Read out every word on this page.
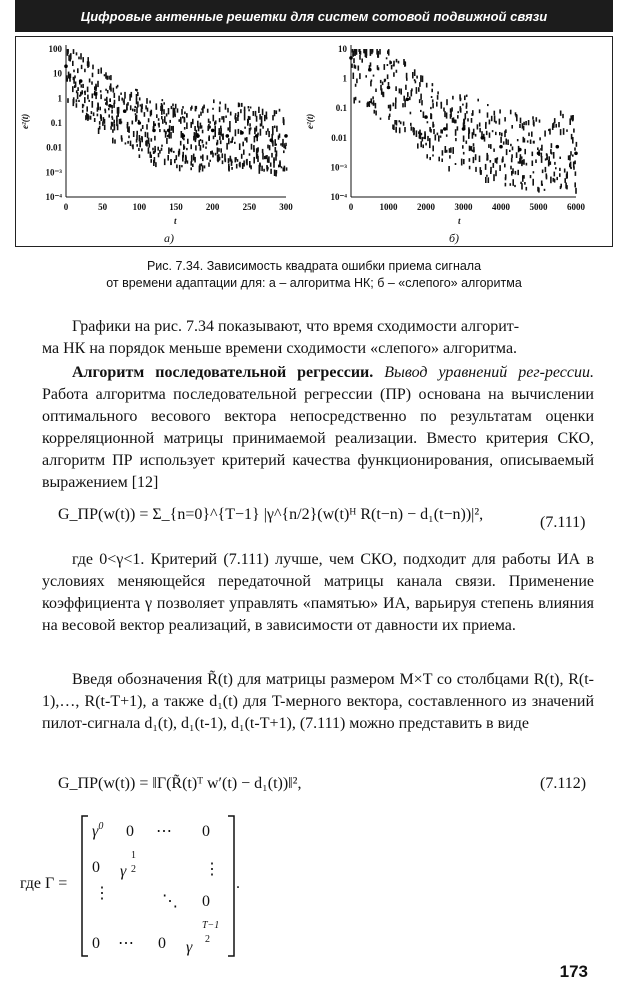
Цифровые антенные решетки для систем сотовой подвижной связи
e²(t)
t
а)
100
10
1
0.1
0.01
10⁻³
10⁻⁴
0	50	100	150	200	250	300
e²(t)
t
б)
10
1
0.1
0.01
10⁻³
10⁻⁴
0	1000 2000 3000 4000 5000 6000
Рис. 7.34. Зависимость квадрата ошибки приема сигнала
от времени адаптации для: а – алгоритма НК; б – «слепого» алгоритма
Графики на рис. 7.34 показывают, что время сходимости алгорит-
ма НК на порядок меньше времени сходимости «слепого» алгоритма.
Алгоритм последовательной регрессии. Вывод уравнений рег-рессии. Работа алгоритма последовательной регрессии (ПР) основана на вычислении оптимального весового вектора непосредственно по результатам оценки корреляционной матрицы принимаемой реализации. Вместо критерия СКО, алгоритм ПР использует критерий качества функционирования, описываемый выражением [12]
G_ПР(w(t)) = Σ_{n=0}^{T−1} |γ^{n/2}(w(t)ᴴ R(t−n) − d₁(t−n))|²,	(7.111)
где 0<γ<1. Критерий (7.111) лучше, чем СКО, подходит для работы ИА в условиях меняющейся передаточной матрицы канала связи. Применение коэффициента γ позволяет управлять «памятью» ИА, варьируя степень влияния на весовой вектор реализаций, в зависимости от давности их приема.
Введя обозначения R̃(t) для матрицы размером M×T со столбцами R(t), R(t-1),…, R(t-T+1), а также d₁(t) для T-мерного вектора, составленного из значений пилот-сигнала d₁(t), d₁(t-1), d₁(t-T+1), (7.111) можно представить в виде
G_ПР(w(t)) = ‖Γ(R̃(t)ᵀ w′(t) − d₁(t))‖²,	(7.112)
где Γ =
$\gamma^0$ 0 ⋯ 0
0 γ
1
2	⋮
⋮	⋱ 0
0 ⋯ 0 γ
T−1
2
.
173
